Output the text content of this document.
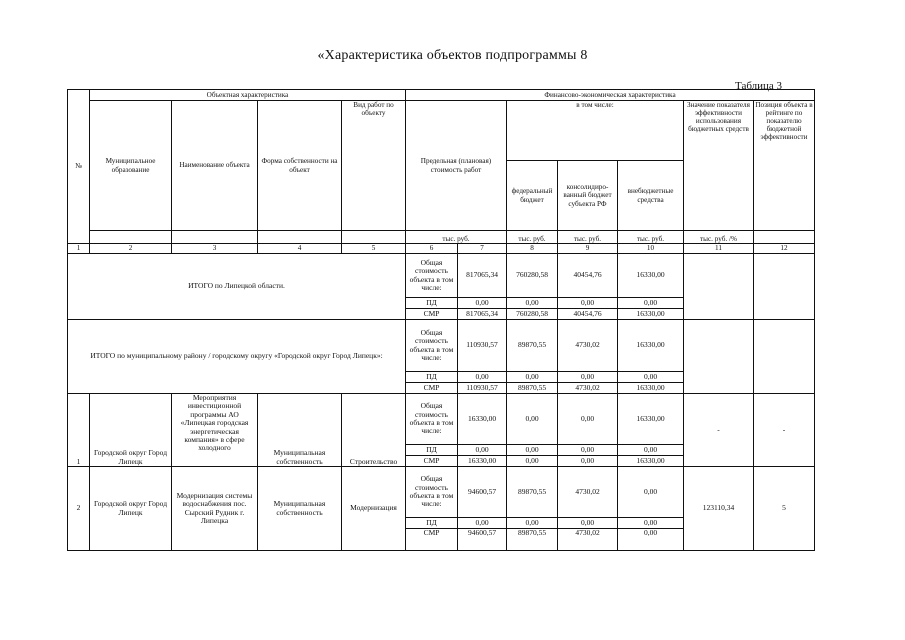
«Характеристика объектов подпрограммы 8
Таблица 3
№	Объектная характеристика				Финансово-экономическая характеристика						
	Муниципальное образование	Наименование объекта	Форма собственности на объект	Вид работ по объекту	Предельная (плановая) стоимость работ		в том числе:			Значение показателя эффективности использования бюджетных средств	Позиция объекта в рейтинге по показателю бюджетной эффективности
							федеральный бюджет	консолидиро-ванный бюджет субъекта РФ	внебюджетные средства		
					тыс. руб.		тыс. руб.	тыс. руб.	тыс. руб.	тыс. руб. /%	
1	2	3	4	5	6	7	8	9	10	11	12
ИТОГО по Липецкой области.					Общая стоимость объекта в том числе:	817065,34	760280,58	40454,76	16330,00		
					ПД	0,00	0,00	0,00	0,00		
					СМР	817065,34	760280,58	40454,76	16330,00		
ИТОГО по муниципальному району / городскому округу «Городской округ Город Липецк»:					Общая стоимость объекта в том числе:	110930,57	89870,55	4730,02	16330,00		
					ПД	0,00	0,00	0,00	0,00		
					СМР	110930,57	89870,55	4730,02	16330,00		
1	Городской округ Город Липецк	Мероприятия инвестиционной программы АО «Липецкая городская энергетическая компания» в сфере холодного	Муниципальная собственность	Строительство	Общая стоимость объекта в том числе:	16330,00	0,00	0,00	16330,00	-	-
					ПД	0,00	0,00	0,00	0,00		
					СМР	16330,00	0,00	0,00	16330,00		
2	Городской округ Город Липецк	Модернизация системы водоснабжения пос. Сырский Рудник г. Липецка	Муниципальная собственность	Модернизация	Общая стоимость объекта в том числе:	94600,57	89870,55	4730,02	0,00	123110,34	5
					ПД	0,00	0,00	0,00	0,00		
					СМР	94600,57	89870,55	4730,02	0,00		
